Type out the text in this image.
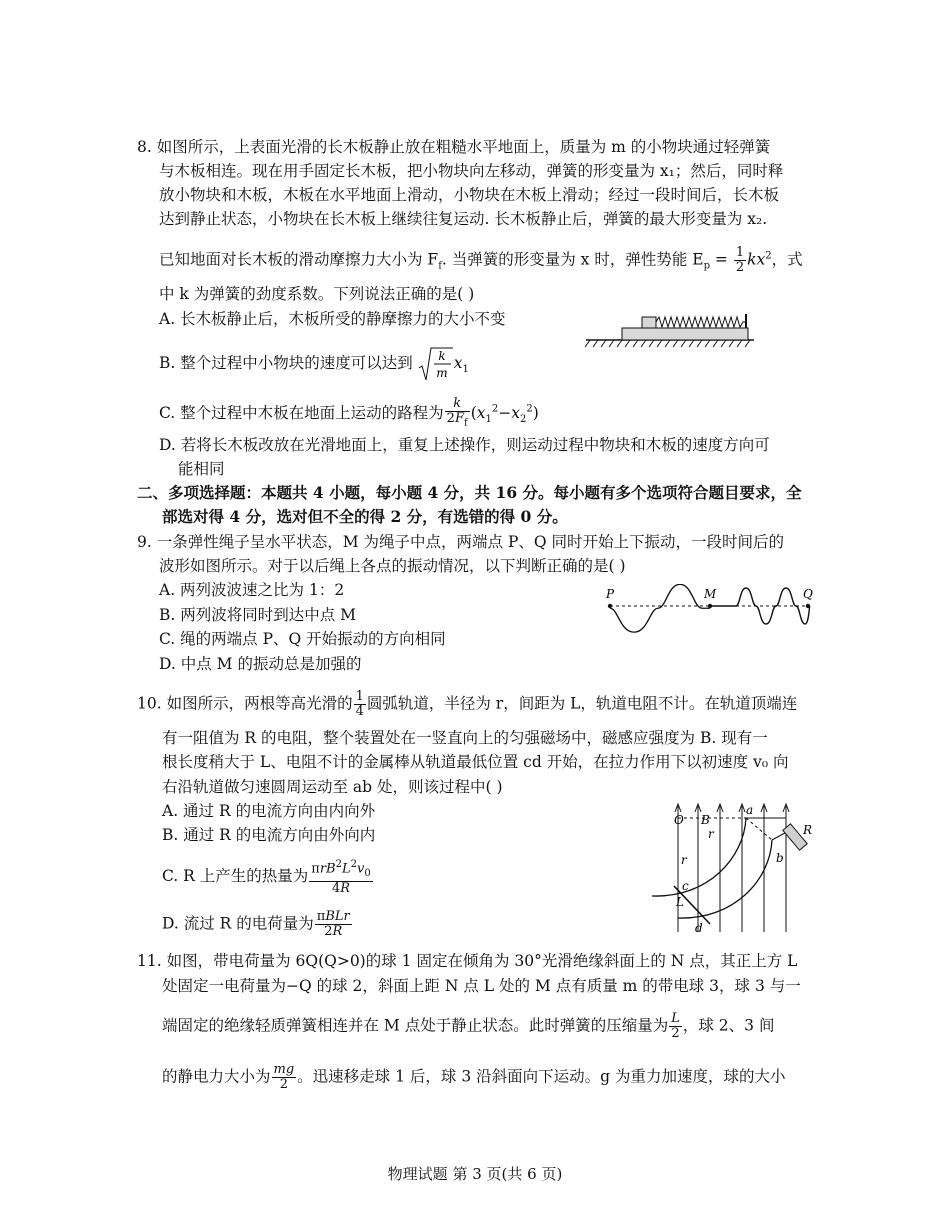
8. 如图所示，上表面光滑的长木板静止放在粗糙水平地面上，质量为 m 的小物块通过轻弹簧
与木板相连。现在用手固定长木板，把小物块向左移动，弹簧的形变量为 x₁；然后，同时释
放小物块和木板，木板在水平地面上滑动，小物块在木板上滑动；经过一段时间后，长木板
达到静止状态，小物块在长木板上继续往复运动. 长木板静止后，弹簧的最大形变量为 x₂.
已知地面对长木板的滑动摩擦力大小为 $F_f$. 当弹簧的形变量为 x 时，弹性势能 $E_p = \frac{1}{2} kx^2$，式
中 k 为弹簧的劲度系数。下列说法正确的是( )
A. 长木板静止后，木板所受的静摩擦力的大小不变
B. 整个过程中小物块的速度可以达到 k
m
$x_1$
C. 整个过程中木板在地面上运动的路程为 $\frac{k}{2F_f} (x_1^2-x_2^2)$
D. 若将长木板改放在光滑地面上，重复上述操作，则运动过程中物块和木板的速度方向可
能相同
二、多项选择题：本题共 4 小题，每小题 4 分，共 16 分。每小题有多个选项符合题目要求，全
部选对得 4 分，选对但不全的得 2 分，有选错的得 0 分。
9. 一条弹性绳子呈水平状态，M 为绳子中点，两端点 P、Q 同时开始上下振动，一段时间后的
波形如图所示。对于以后绳上各点的振动情况，以下判断正确的是( )
A. 两列波波速之比为 1：2
B. 两列波将同时到达中点 M
C. 绳的两端点 P、Q 开始振动的方向相同
D. 中点 M 的振动总是加强的
P	M	Q
10. 如图所示，两根等高光滑的 $\frac{1}{4}$ 圆弧轨道，半径为 r，间距为 L，轨道电阻不计。在轨道顶端连
有一阻值为 R 的电阻，整个装置处在一竖直向上的匀强磁场中，磁感应强度为 B. 现有一
根长度稍大于 L、电阻不计的金属棒从轨道最低位置 cd 开始，在拉力作用下以初速度 v₀ 向
右沿轨道做匀速圆周运动至 ab 处，则该过程中( )
A. 通过 R 的电流方向由内向外
B. 通过 R 的电流方向由外向内
C. R 上产生的热量为 $\frac{\pi rB^2L^2v_0}{4R}$
D. 流过 R 的电荷量为 $\frac{\text{πBLr}}{2R}$
O B
r
r
a
R
b
c
L
d
11. 如图，带电荷量为 6Q(Q>0)的球 1 固定在倾角为 30°光滑绝缘斜面上的 N 点，其正上方 L
处固定一电荷量为−Q 的球 2，斜面上距 N 点 L 处的 M 点有质量 m 的带电球 3，球 3 与一
端固定的绝缘轻质弹簧相连并在 M 点处于静止状态。此时弹簧的压缩量为 $\frac{L}{2}$ ，球 2、3 间
的静电力大小为 $\frac{mg}{2}$ 。迅速移走球 1 后，球 3 沿斜面向下运动。g 为重力加速度，球的大小
物理试题 第 3 页(共 6 页)
